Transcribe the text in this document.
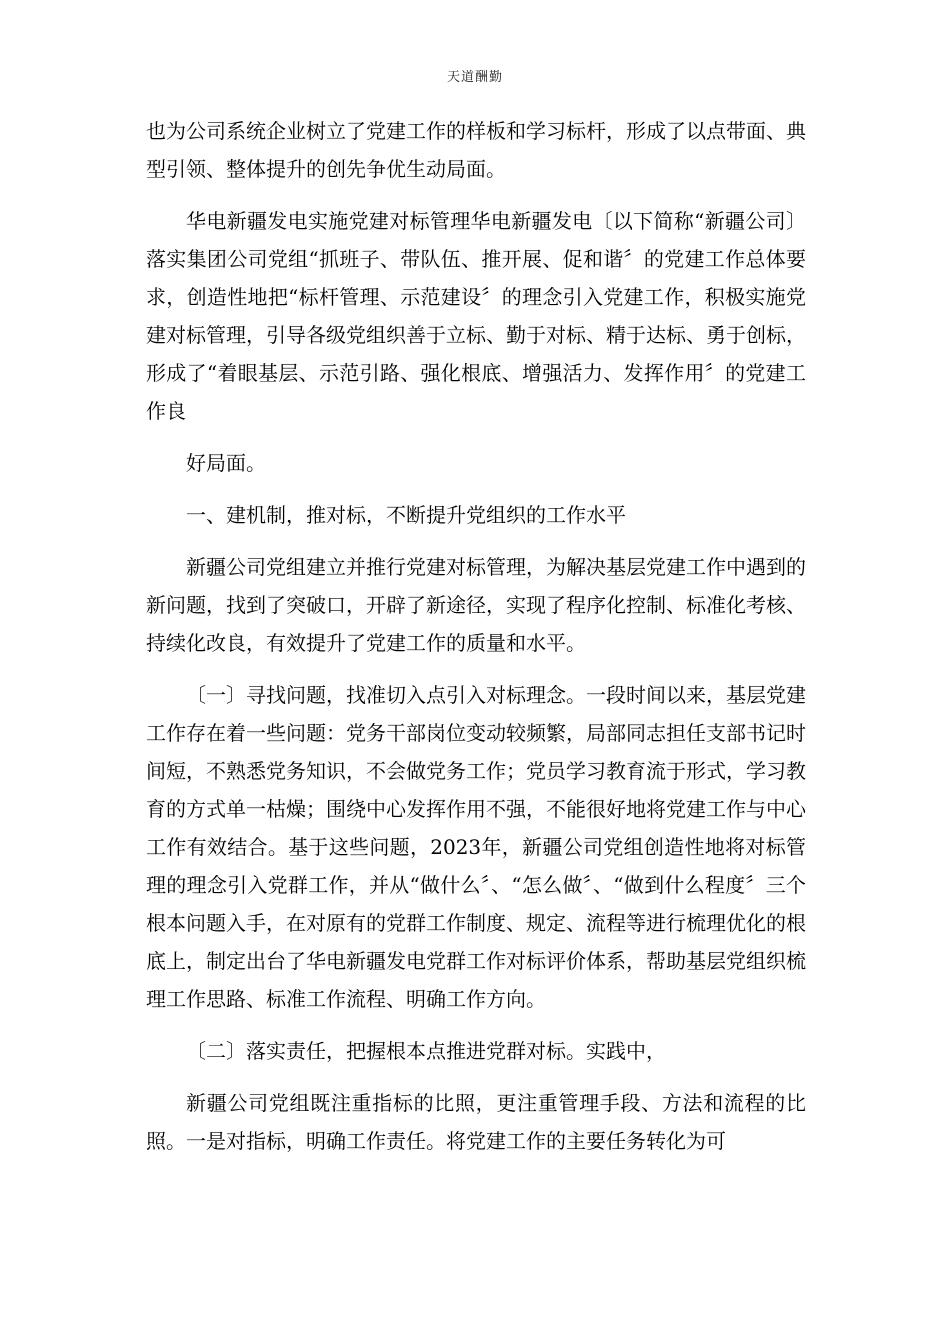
天道酬勤

也为公司系统企业树立了党建工作的样板和学习标杆，形成了以点带面、典型引领、整体提升的创先争优生动局面。

华电新疆发电实施党建对标管理华电新疆发电〔以下简称“新疆公司〕落实集团公司党组“抓班子、带队伍、推开展、促和谐〞的党建工作总体要求，创造性地把“标杆管理、示范建设〞的理念引入党建工作，积极实施党建对标管理，引导各级党组织善于立标、勤于对标、精于达标、勇于创标，形成了“着眼基层、示范引路、强化根底、增强活力、发挥作用〞的党建工作良

好局面。

一、建机制，推对标，不断提升党组织的工作水平

新疆公司党组建立并推行党建对标管理，为解决基层党建工作中遇到的新问题，找到了突破口，开辟了新途径，实现了程序化控制、标准化考核、持续化改良，有效提升了党建工作的质量和水平。

〔一〕寻找问题，找准切入点引入对标理念。一段时间以来，基层党建工作存在着一些问题：党务干部岗位变动较频繁，局部同志担任支部书记时间短，不熟悉党务知识，不会做党务工作；党员学习教育流于形式，学习教育的方式单一枯燥；围绕中心发挥作用不强，不能很好地将党建工作与中心工作有效结合。基于这些问题，2023年，新疆公司党组创造性地将对标管理的理念引入党群工作，并从“做什么〞、“怎么做〞、“做到什么程度〞三个根本问题入手，在对原有的党群工作制度、规定、流程等进行梳理优化的根底上，制定出台了华电新疆发电党群工作对标评价体系，帮助基层党组织梳理工作思路、标准工作流程、明确工作方向。

〔二〕落实责任，把握根本点推进党群对标。实践中，

新疆公司党组既注重指标的比照，更注重管理手段、方法和流程的比照。一是对指标，明确工作责任。将党建工作的主要任务转化为可
